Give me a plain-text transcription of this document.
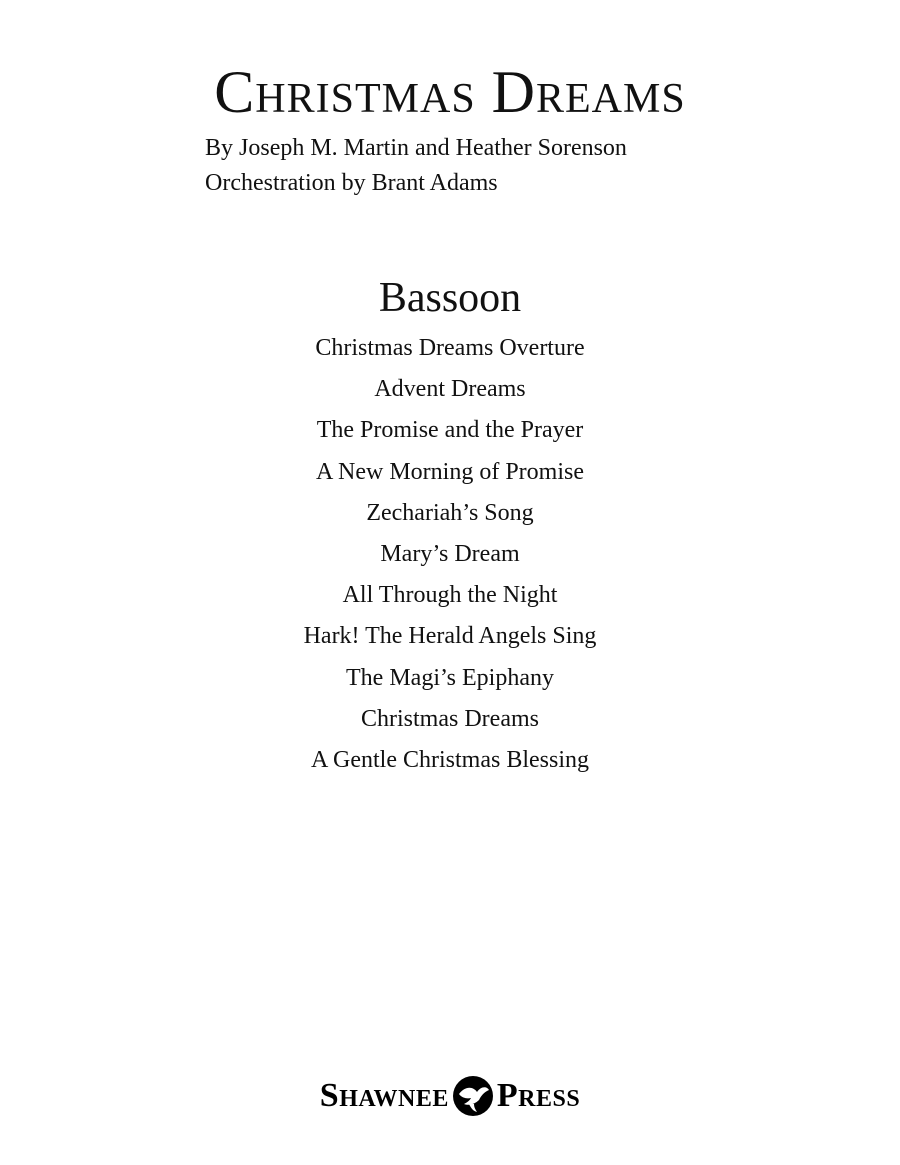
Christmas Dreams
By Joseph M. Martin and Heather Sorenson
Orchestration by Brant Adams
Bassoon
Christmas Dreams Overture
Advent Dreams
The Promise and the Prayer
A New Morning of Promise
Zechariah’s Song
Mary’s Dream
All Through the Night
Hark! The Herald Angels Sing
The Magi’s Epiphany
Christmas Dreams
A Gentle Christmas Blessing
Shawnee Press
